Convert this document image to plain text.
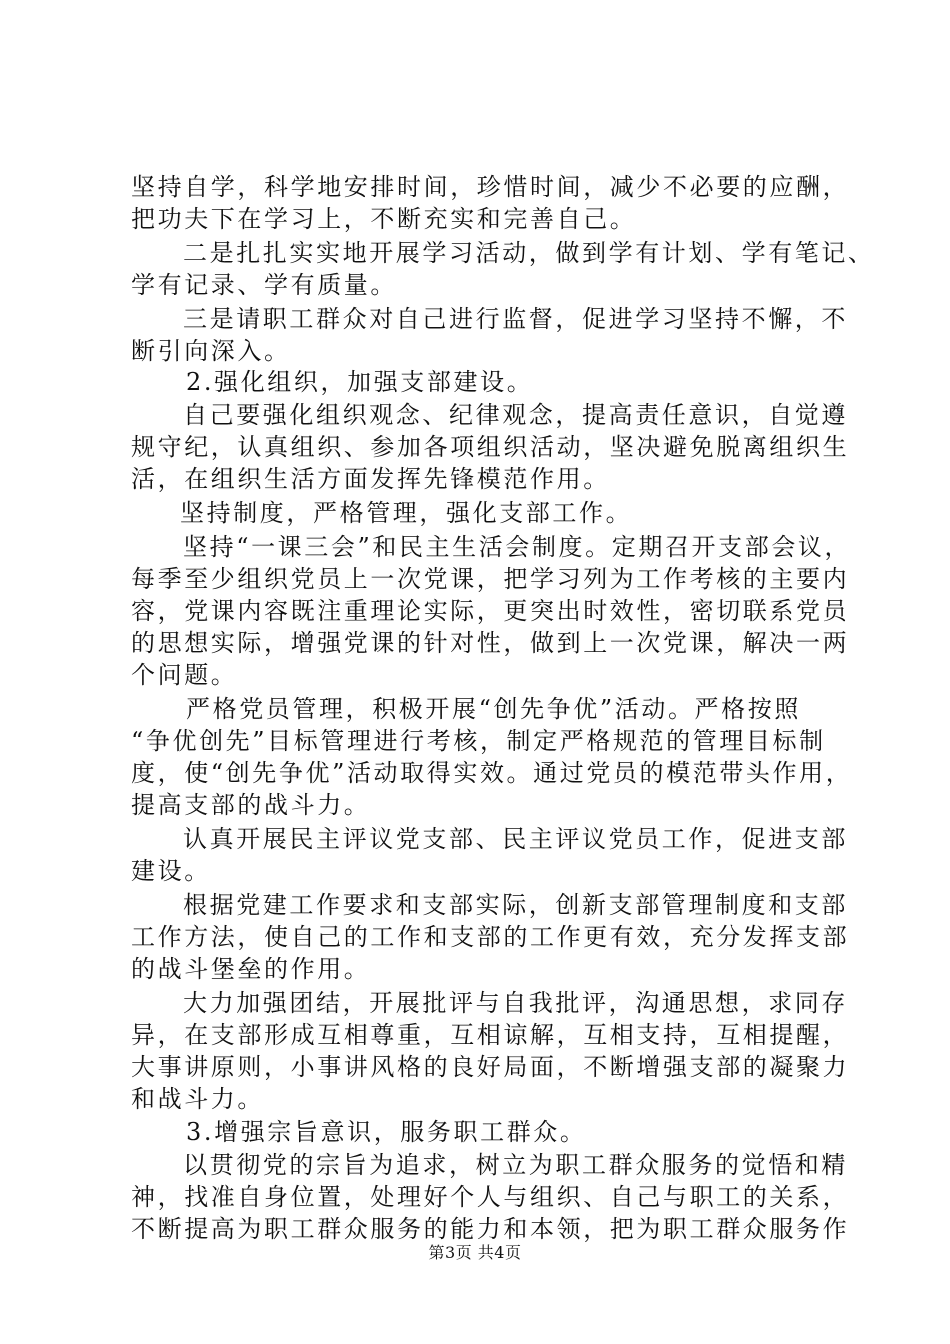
坚持自学，科学地安排时间，珍惜时间，减少不必要的应酬，
把功夫下在学习上，不断充实和完善自己。
二是扎扎实实地开展学习活动，做到学有计划、学有笔记、
学有记录、学有质量。
三是请职工群众对自己进行监督，促进学习坚持不懈，不
断引向深入。
2.强化组织，加强支部建设。
自己要强化组织观念、纪律观念，提高责任意识，自觉遵
规守纪，认真组织、参加各项组织活动，坚决避免脱离组织生
活，在组织生活方面发挥先锋模范作用。
坚持制度，严格管理，强化支部工作。
坚持“一课三会”和民主生活会制度。定期召开支部会议，
每季至少组织党员上一次党课，把学习列为工作考核的主要内
容，党课内容既注重理论实际，更突出时效性，密切联系党员
的思想实际，增强党课的针对性，做到上一次党课，解决一两
个问题。
严格党员管理，积极开展“创先争优”活动。严格按照
“争优创先”目标管理进行考核，制定严格规范的管理目标制
度，使“创先争优”活动取得实效。通过党员的模范带头作用，
提高支部的战斗力。
认真开展民主评议党支部、民主评议党员工作，促进支部
建设。
根据党建工作要求和支部实际，创新支部管理制度和支部
工作方法，使自己的工作和支部的工作更有效，充分发挥支部
的战斗堡垒的作用。
大力加强团结，开展批评与自我批评，沟通思想，求同存
异，在支部形成互相尊重，互相谅解，互相支持，互相提醒，
大事讲原则，小事讲风格的良好局面，不断增强支部的凝聚力
和战斗力。
3.增强宗旨意识，服务职工群众。
以贯彻党的宗旨为追求，树立为职工群众服务的觉悟和精
神，找准自身位置，处理好个人与组织、自己与职工的关系，
不断提高为职工群众服务的能力和本领，把为职工群众服务作
第3页 共4页
